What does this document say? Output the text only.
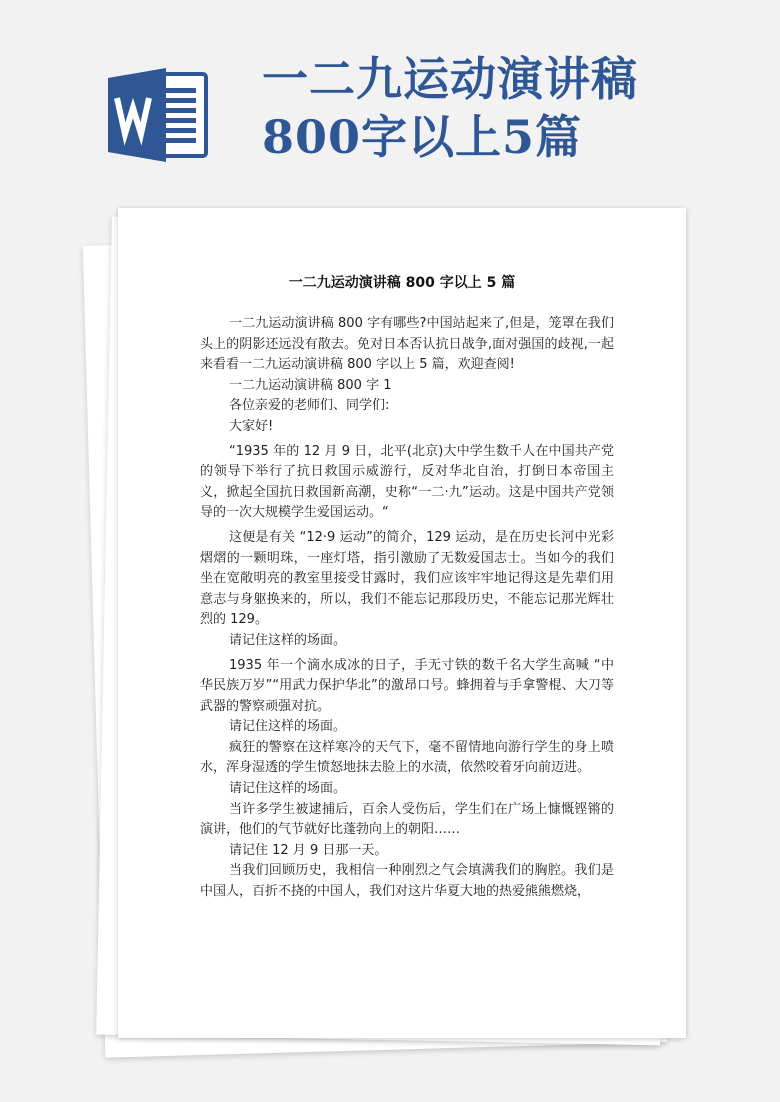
一二九运动演讲稿
800字以上5篇
一二九运动演讲稿 800 字以上 5 篇

一二九运动演讲稿 800 字有哪些?中国站起来了,但是，笼罩在我们头上的阴影还远没有散去。免对日本否认抗日战争,面对强国的歧视,一起来看看一二九运动演讲稿 800 字以上 5 篇，欢迎查阅!

一二九运动演讲稿 800 字 1

各位亲爱的老师们、同学们:

大家好!

“1935 年的 12 月 9 日，北平(北京)大中学生数千人在中国共产党的领导下举行了抗日救国示威游行，反对华北自治，打倒日本帝国主义，掀起全国抗日救国新高潮，史称“一二·九”运动。这是中国共产党领导的一次大规模学生爱国运动。“

这便是有关 “12·9 运动”的简介，129 运动，是在历史长河中光彩熠熠的一颗明珠，一座灯塔，指引激励了无数爱国志士。当如今的我们坐在宽敞明亮的教室里接受甘露时，我们应该牢牢地记得这是先辈们用意志与身躯换来的，所以，我们不能忘记那段历史，不能忘记那光辉壮烈的 129。

请记住这样的场面。

1935 年一个滴水成冰的日子，手无寸铁的数千名大学生高喊 “中华民族万岁”“用武力保护华北”的激昂口号。蜂拥着与手拿警棍、大刀等武器的警察顽强对抗。

请记住这样的场面。

疯狂的警察在这样寒冷的天气下，毫不留情地向游行学生的身上喷水，浑身湿透的学生愤怒地抹去脸上的水渍，依然咬着牙向前迈进。

请记住这样的场面。

当许多学生被逮捕后，百余人受伤后，学生们在广场上慷慨铿锵的演讲，他们的气节就好比蓬勃向上的朝阳……

请记住 12 月 9 日那一天。

当我们回顾历史，我相信一种刚烈之气会填满我们的胸腔。我们是中国人，百折不挠的中国人，我们对这片华夏大地的热爱熊熊燃烧，
